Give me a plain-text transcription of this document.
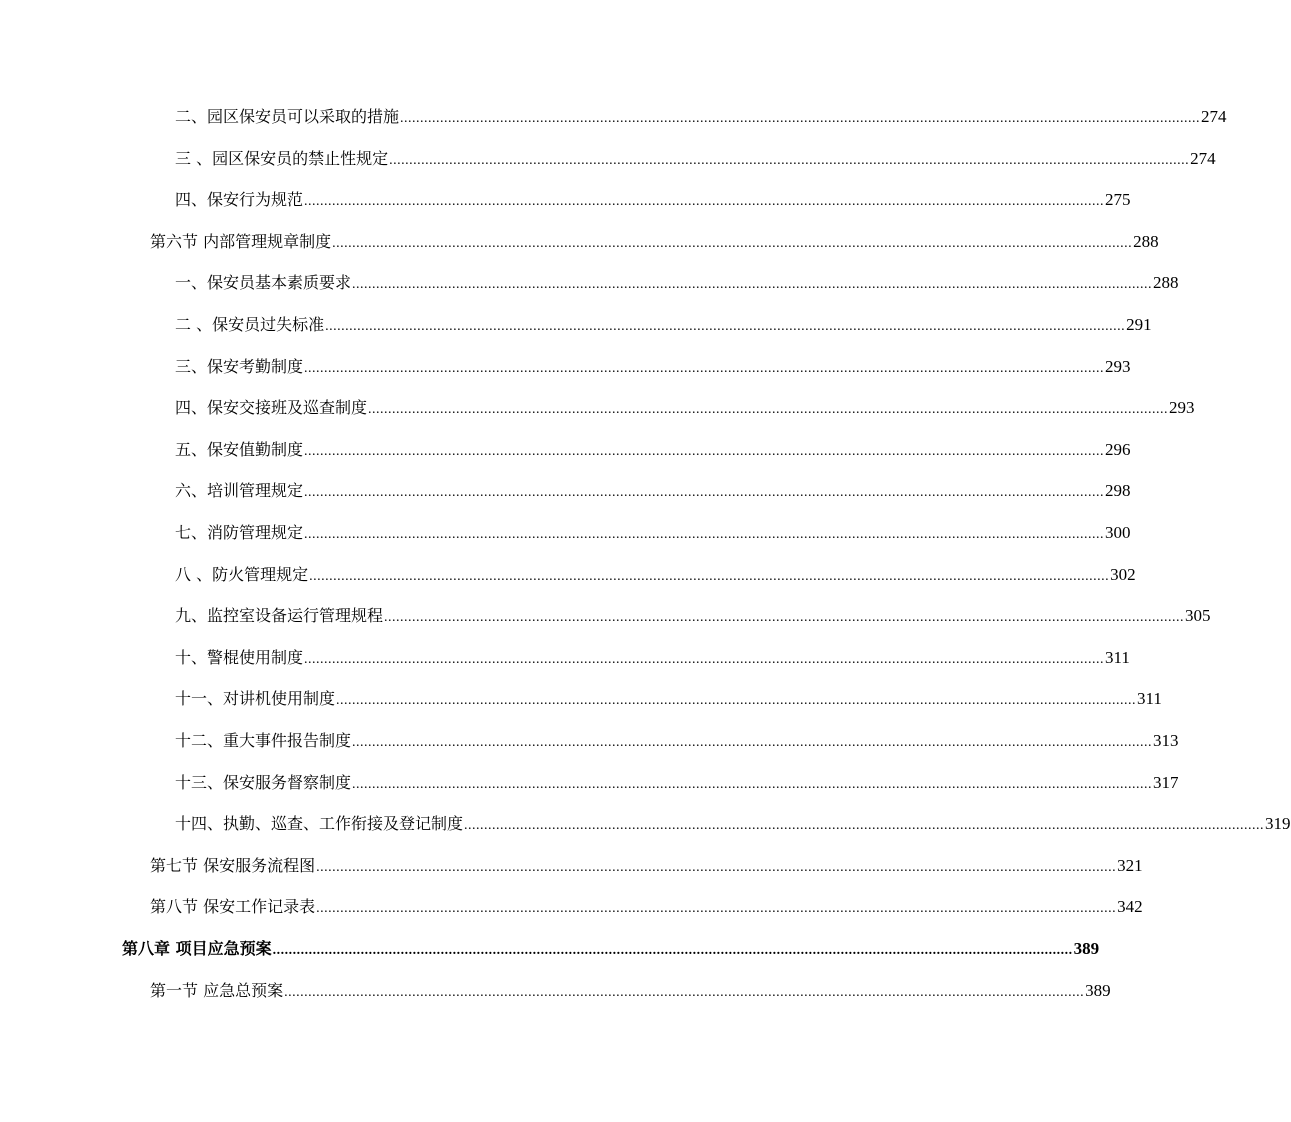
二、园区保安员可以采取的措施 ........................................................................................................................................................................................................ 274
三 、园区保安员的禁止性规定 ........................................................................................................................................................................................................ 274
四、保安行为规范 ........................................................................................................................................................................................................ 275
第六节 内部管理规章制度 ........................................................................................................................................................................................................ 288
一、保安员基本素质要求 ........................................................................................................................................................................................................ 288
二 、保安员过失标准 ........................................................................................................................................................................................................ 291
三、保安考勤制度 ........................................................................................................................................................................................................ 293
四、保安交接班及巡查制度 ........................................................................................................................................................................................................ 293
五、保安值勤制度 ........................................................................................................................................................................................................ 296
六、培训管理规定 ........................................................................................................................................................................................................ 298
七、消防管理规定 ........................................................................................................................................................................................................ 300
八 、防火管理规定 ........................................................................................................................................................................................................ 302
九、监控室设备运行管理规程 ........................................................................................................................................................................................................ 305
十、警棍使用制度 ........................................................................................................................................................................................................ 311
十一、对讲机使用制度 ........................................................................................................................................................................................................ 311
十二、重大事件报告制度 ........................................................................................................................................................................................................ 313
十三、保安服务督察制度 ........................................................................................................................................................................................................ 317
十四、执勤、巡查、工作衔接及登记制度 ........................................................................................................................................................................................................ 319
第七节 保安服务流程图 ........................................................................................................................................................................................................ 321
第八节 保安工作记录表 ........................................................................................................................................................................................................ 342
第八章 项目应急预案 ........................................................................................................................................................................................................ 389
第一节 应急总预案 ........................................................................................................................................................................................................ 389
